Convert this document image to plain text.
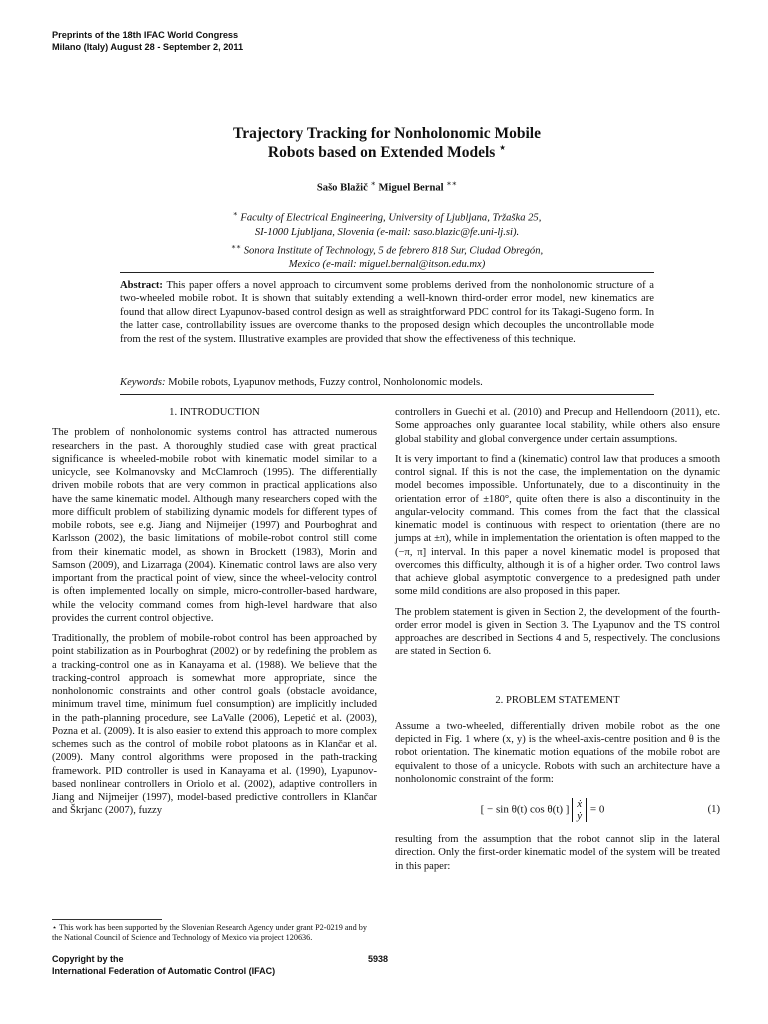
Preprints of the 18th IFAC World Congress
Milano (Italy) August 28 - September 2, 2011
Trajectory Tracking for Nonholonomic Mobile
Robots based on Extended Models ⋆
Sašo Blažič ∗ Miguel Bernal ∗∗
∗ Faculty of Electrical Engineering, University of Ljubljana, Tržaška 25,
SI-1000 Ljubljana, Slovenia (e-mail: saso.blazic@fe.uni-lj.si).
∗∗ Sonora Institute of Technology, 5 de febrero 818 Sur, Ciudad Obregón,
Mexico (e-mail: miguel.bernal@itson.edu.mx)
Abstract: This paper offers a novel approach to circumvent some problems derived from the nonholonomic structure of a two-wheeled mobile robot. It is shown that suitably extending a well-known third-order error model, new kinematics are found that allow direct Lyapunov-based control design as well as straightforward PDC control for its Takagi-Sugeno form. In the latter case, controllability issues are overcome thanks to the proposed design which decouples the uncontrollable mode from the rest of the system. Illustrative examples are provided that show the effectiveness of this technique.
Keywords: Mobile robots, Lyapunov methods, Fuzzy control, Nonholonomic models.
1. INTRODUCTION

The problem of nonholonomic systems control has attracted numerous researchers in the past. A thoroughly studied case with great practical significance is wheeled-mobile robot with kinematic model similar to a unicycle, see Kolmanovsky and McClamroch (1995). The differentially driven mobile robots that are very common in practical applications also have the same kinematic model. Although many researchers coped with the more difficult problem of stabilizing dynamic models for different types of mobile robots, see e.g. Jiang and Nijmeijer (1997) and Pourboghrat and Karlsson (2002), the basic limitations of mobile-robot control still come from their kinematic model, as shown in Brockett (1983), Morin and Samson (2009), and Lizarraga (2004). Kinematic control laws are also very important from the practical point of view, since the wheel-velocity control is often implemented locally on simple, micro-controller-based hardware, while the velocity command comes from high-level hardware that also provides the current control objective.

Traditionally, the problem of mobile-robot control has been approached by point stabilization as in Pourboghrat (2002) or by redefining the problem as a tracking-control one as in Kanayama et al. (1988). We believe that the tracking-control approach is somewhat more appropriate, since the nonholonomic constraints and other control goals (obstacle avoidance, minimum travel time, minimum fuel consumption) are implicitly included in the path-planning procedure, see LaValle (2006), Lepetić et al. (2003), Pozna et al. (2009). It is also easier to extend this approach to more complex schemes such as the control of mobile robot platoons as in Klančar et al. (2009). Many control algorithms were proposed in the path-tracking framework. PID controller is used in Kanayama et al. (1990), Lyapunov-based nonlinear controllers in Oriolo et al. (2002), adaptive controllers in Jiang and Nijmeijer (1997), model-based predictive controllers in Klančar and Škrjanc (2007), fuzzy

controllers in Guechi et al. (2010) and Precup and Hellendoorn (2011), etc. Some approaches only guarantee local stability, while others also ensure global stability and global convergence under certain assumptions.

It is very important to find a (kinematic) control law that produces a smooth control signal. If this is not the case, the implementation on the dynamic model becomes impossible. Unfortunately, due to a discontinuity in the orientation error of ±180°, quite often there is also a discontinuity in the angular-velocity command. This comes from the fact that the classical kinematic model is continuous with respect to orientation (there are no jumps at ±π), while in implementation the orientation is often mapped to the (−π, π] interval. In this paper a novel kinematic model is proposed that overcomes this difficulty, although it is of a higher order. Two control laws that achieve global asymptotic convergence to a predesigned path under some mild conditions are also proposed in this paper.

The problem statement is given in Section 2, the development of the fourth-order error model is given in Section 3. The Lyapunov and the TS control approaches are described in Sections 4 and 5, respectively. The conclusions are stated in Section 6.

2. PROBLEM STATEMENT

Assume a two-wheeled, differentially driven mobile robot as the one depicted in Fig. 1 where (x, y) is the wheel-axis-centre position and θ is the robot orientation. The kinematic motion equations of the mobile robot are equivalent to those of a unicycle. Robots with such an architecture have a nonholonomic constraint of the form:

[ − sin θ(t) cos θ(t) ] ẋ
ẏ = 0	(1)

resulting from the assumption that the robot cannot slip in the lateral direction. Only the first-order kinematic model of the system will be treated in this paper:

⋆ This work has been supported by the Slovenian Research Agency under grant P2-0219 and by the National Council of Science and Technology of Mexico via project 120636.
Copyright by the
International Federation of Automatic Control (IFAC)
5938
